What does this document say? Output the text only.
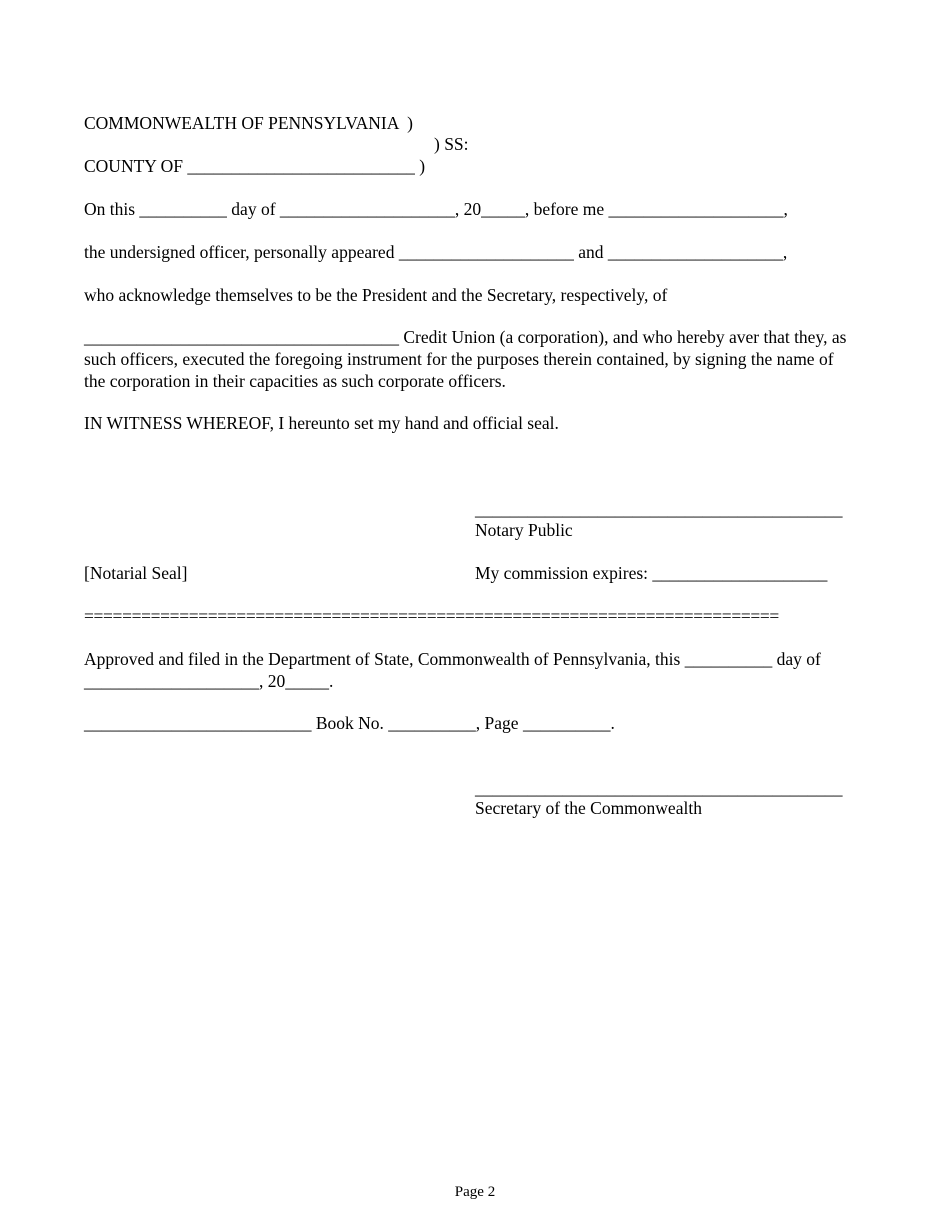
COMMONWEALTH OF PENNSYLVANIA  )
) SS:
COUNTY OF __________________________ )
On this __________ day of ____________________, 20_____, before me ____________________,
the undersigned officer, personally appeared ____________________ and ____________________,
who acknowledge themselves to be the President and the Secretary, respectively, of
____________________________________ Credit Union (a corporation), and who hereby aver that they, as such officers, executed the foregoing instrument for the purposes therein contained, by signing the name of the corporation in their capacities as such corporate officers.
IN WITNESS WHEREOF, I hereunto set my hand and official seal.
__________________________________________
Notary Public
[Notarial Seal]	My commission expires: ____________________
=========================================================================
Approved and filed in the Department of State, Commonwealth of Pennsylvania, this __________ day of ____________________, 20_____.
__________________________ Book No. __________, Page __________.
__________________________________________
Secretary of the Commonwealth
Page 2
